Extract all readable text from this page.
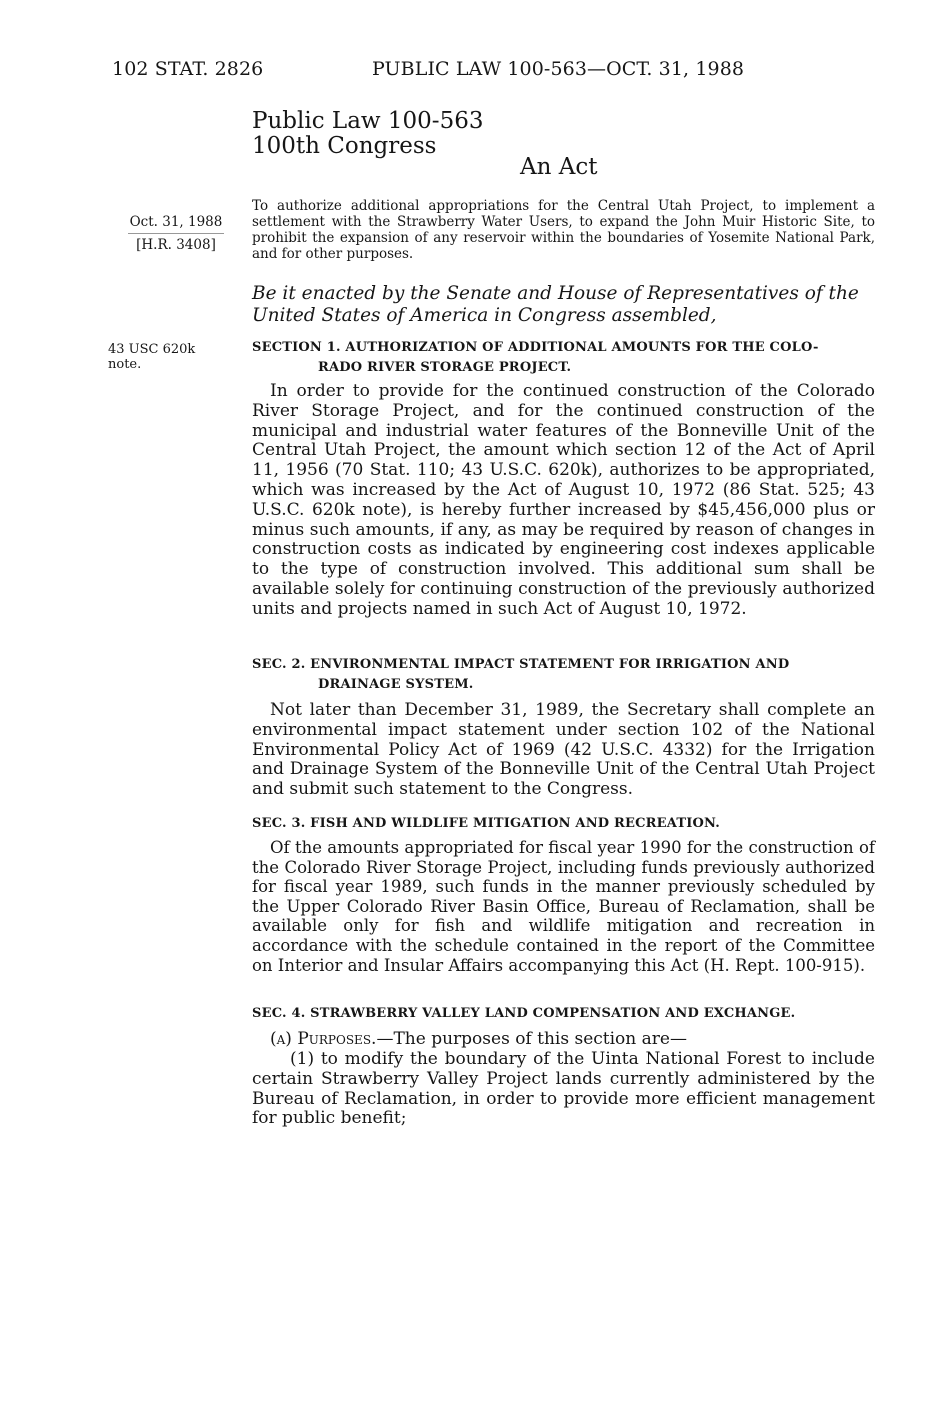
102 STAT. 2826	PUBLIC LAW 100-563—OCT. 31, 1988
Public Law 100-563
100th Congress
An Act
Oct. 31, 1988
[H.R. 3408]
43 USC 620k
note.
To authorize additional appropriations for the Central Utah Project, to implement a settlement with the Strawberry Water Users, to expand the John Muir Historic Site, to prohibit the expansion of any reservoir within the boundaries of Yosemite National Park, and for other purposes.
Be it enacted by the Senate and House of Representatives of the United States of America in Congress assembled,
SECTION 1. AUTHORIZATION OF ADDITIONAL AMOUNTS FOR THE COLO-
RADO RIVER STORAGE PROJECT.

In order to provide for the continued construction of the Colorado River Storage Project, and for the continued construction of the municipal and industrial water features of the Bonneville Unit of the Central Utah Project, the amount which section 12 of the Act of April 11, 1956 (70 Stat. 110; 43 U.S.C. 620k), authorizes to be appropriated, which was increased by the Act of August 10, 1972 (86 Stat. 525; 43 U.S.C. 620k note), is hereby further increased by $45,456,000 plus or minus such amounts, if any, as may be required by reason of changes in construction costs as indicated by engineering cost indexes applicable to the type of construction involved. This additional sum shall be available solely for continuing construction of the previously authorized units and projects named in such Act of August 10, 1972.

SEC. 2. ENVIRONMENTAL IMPACT STATEMENT FOR IRRIGATION AND
DRAINAGE SYSTEM.

Not later than December 31, 1989, the Secretary shall complete an environmental impact statement under section 102 of the National Environmental Policy Act of 1969 (42 U.S.C. 4332) for the Irrigation and Drainage System of the Bonneville Unit of the Central Utah Project and submit such statement to the Congress.

SEC. 3. FISH AND WILDLIFE MITIGATION AND RECREATION.

Of the amounts appropriated for fiscal year 1990 for the construction of the Colorado River Storage Project, including funds previously authorized for fiscal year 1989, such funds in the manner previously scheduled by the Upper Colorado River Basin Office, Bureau of Reclamation, shall be available only for fish and wildlife mitigation and recreation in accordance with the schedule contained in the report of the Committee on Interior and Insular Affairs accompanying this Act (H. Rept. 100-915).

SEC. 4. STRAWBERRY VALLEY LAND COMPENSATION AND EXCHANGE.

(a) Purposes.—The purposes of this section are—

(1) to modify the boundary of the Uinta National Forest to include certain Strawberry Valley Project lands currently administered by the Bureau of Reclamation, in order to provide more efficient management for public benefit;
